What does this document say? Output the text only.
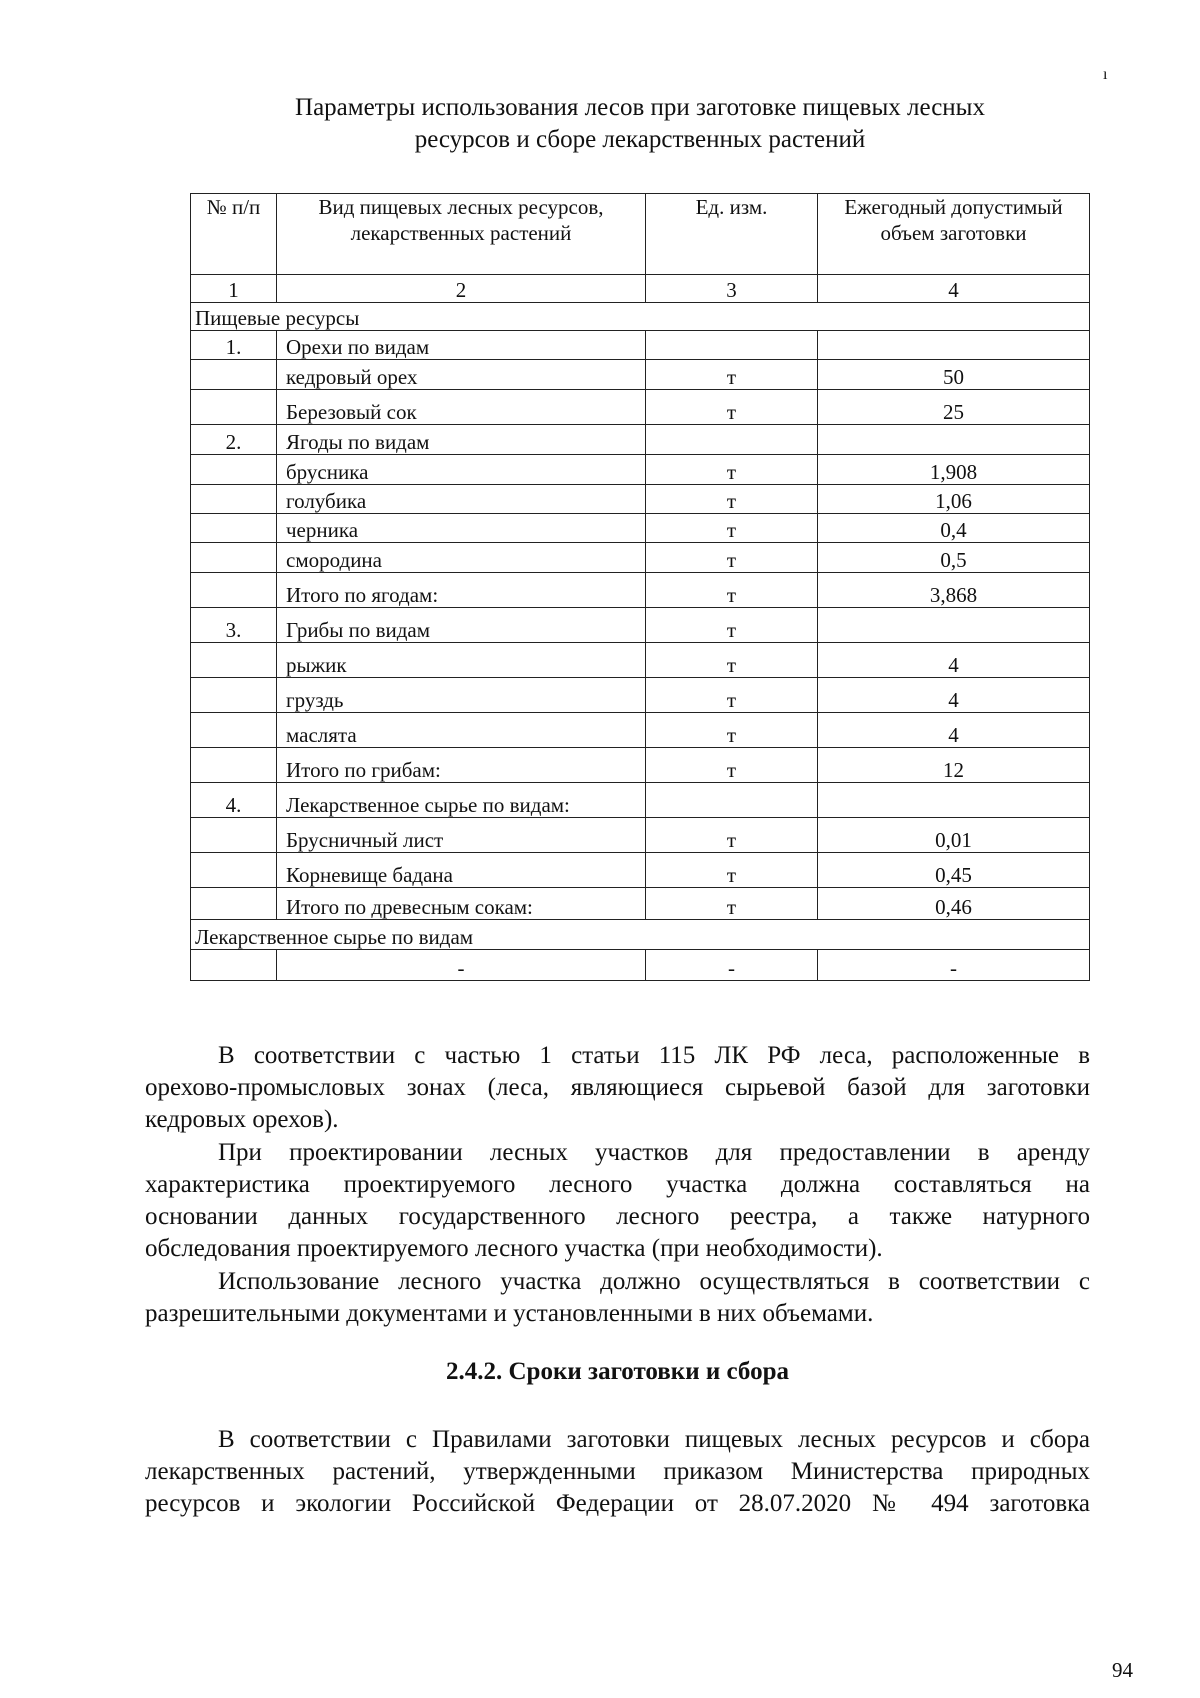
ı
Параметры использования лесов при заготовке пищевых лесных
ресурсов и сборе лекарственных растений
№ п/п	Вид пищевых лесных ресурсов, лекарственных растений	Ед. изм.	Ежегодный допустимый объем заготовки
1	2	3	4
Пищевые ресурсы			
1.	Орехи по видам		
	кедровый орех	т	50
	Березовый сок	т	25
2.	Ягоды по видам		
	брусника	т	1,908
	голубика	т	1,06
	черника	т	0,4
	смородина	т	0,5
	Итого по ягодам:	т	3,868
3.	Грибы по видам	т	
	рыжик	т	4
	груздь	т	4
	маслята	т	4
	Итого по грибам:	т	12
4.	Лекарственное сырье по видам:		
	Брусничный лист	т	0,01
	Корневище бадана	т	0,45
	Итого по древесным сокам:	т	0,46
Лекарственное сырье по видам			
	-	-	-
В соответствии с частью 1 статьи 115 ЛК РФ леса, расположенные в
орехово-промысловых зонах (леса, являющиеся сырьевой базой для заготовки
кедровых орехов).
При проектировании лесных участков для предоставлении в аренду
характеристика проектируемого лесного участка должна составляться на
основании данных государственного лесного реестра, а также натурного
обследования проектируемого лесного участка (при необходимости).
Использование лесного участка должно осуществляться в соответствии с
разрешительными документами и установленными в них объемами.
2.4.2. Сроки заготовки и сбора
В соответствии с Правилами заготовки пищевых лесных ресурсов и сбора
лекарственных растений, утвержденными приказом Министерства природных
ресурсов и экологии Российской Федерации от 28.07.2020 № 494 заготовка
94
